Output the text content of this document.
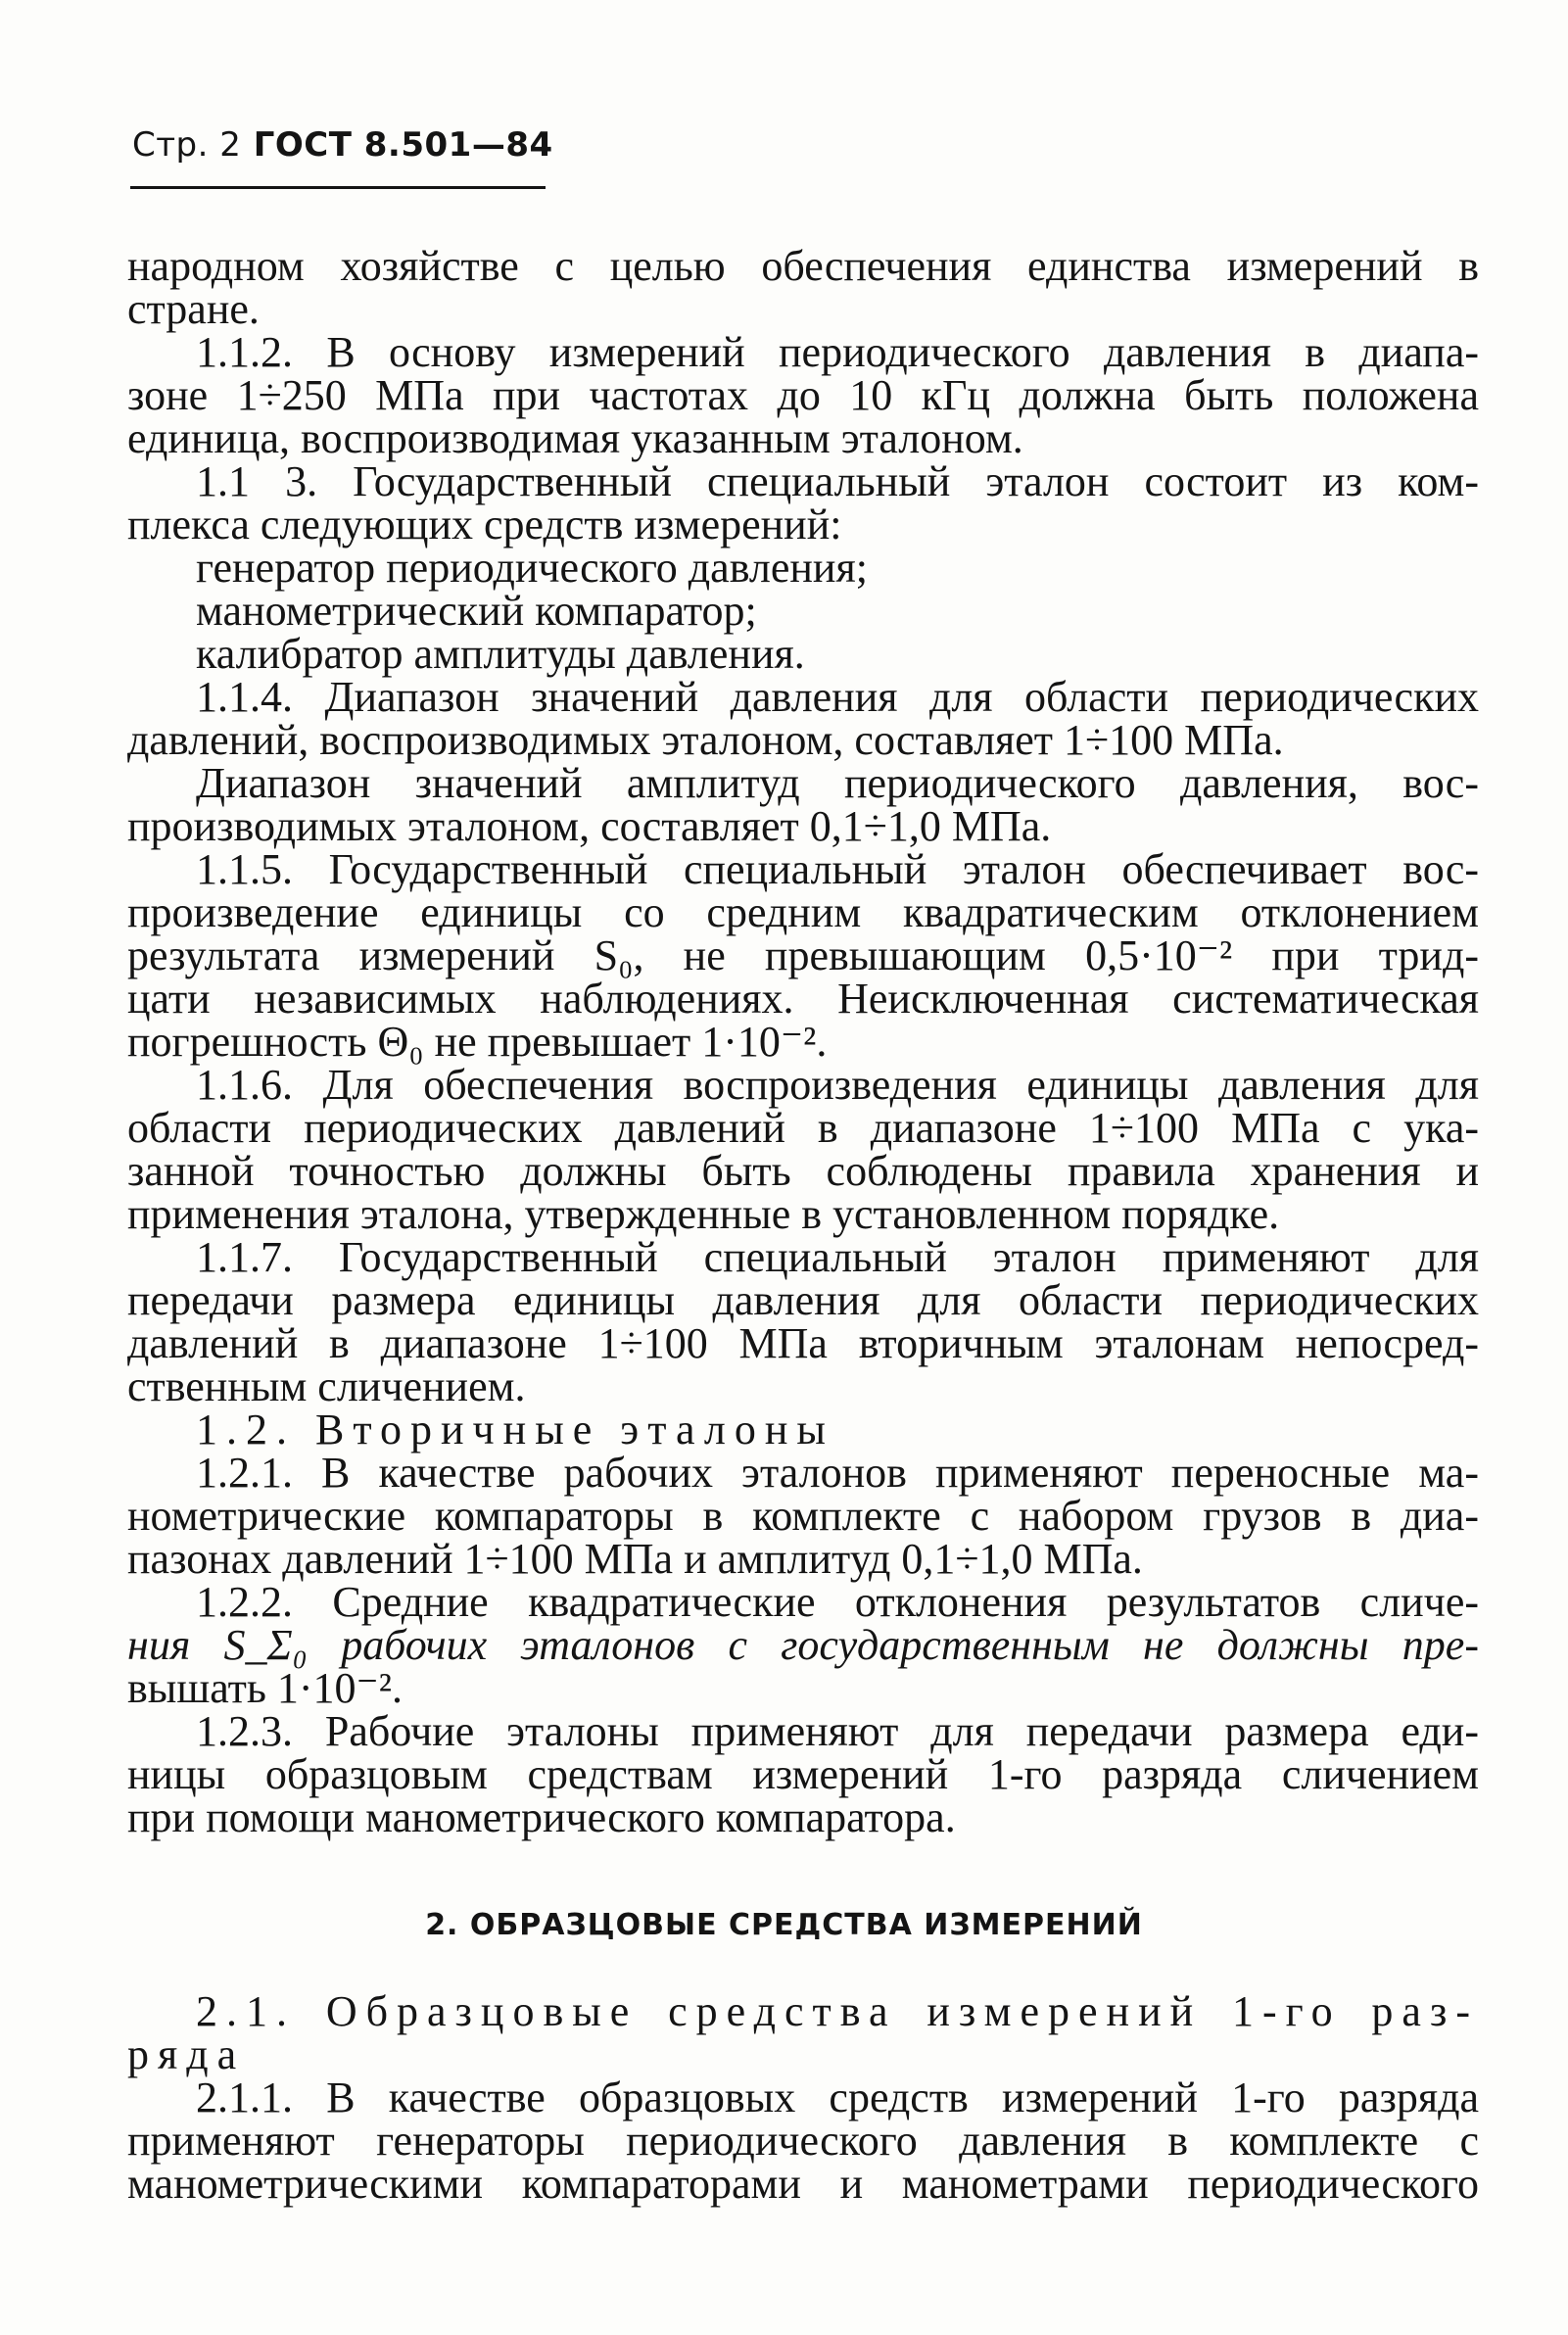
Стр. 2 ГОСТ 8.501—84
народном хозяйстве с целью обеспечения единства измерений в
стране.
1.1.2. В основу измерений периодического давления в диапа-
зоне 1÷250 МПа при частотах до 10 кГц должна быть положена
единица, воспроизводимая указанным эталоном.
1.1 3. Государственный специальный эталон состоит из ком-
плекса следующих средств измерений:
генератор периодического давления;
манометрический компаратор;
калибратор амплитуды давления.
1.1.4. Диапазон значений давления для области периодических
давлений, воспроизводимых эталоном, составляет 1÷100 МПа.
Диапазон значений амплитуд периодического давления, вос-
производимых эталоном, составляет 0,1÷1,0 МПа.
1.1.5. Государственный специальный эталон обеспечивает вос-
произведение единицы со средним квадратическим отклонением
результата измерений S₀, не превышающим 0,5·10⁻² при трид-
цати независимых наблюдениях. Неисключенная систематическая
погрешность Θ₀ не превышает 1·10⁻².
1.1.6. Для обеспечения воспроизведения единицы давления для
области периодических давлений в диапазоне 1÷100 МПа с ука-
занной точностью должны быть соблюдены правила хранения и
применения эталона, утвержденные в установленном порядке.
1.1.7. Государственный специальный эталон применяют для
передачи размера единицы давления для области периодических
давлений в диапазоне 1÷100 МПа вторичным эталонам непосред-
ственным сличением.
1.2. Вторичные эталоны
1.2.1. В качестве рабочих эталонов применяют переносные ма-
нометрические компараторы в комплекте с набором грузов в диа-
пазонах давлений 1÷100 МПа и амплитуд 0,1÷1,0 МПа.
1.2.2. Средние квадратические отклонения результатов сличе-
ния S_Σ₀ рабочих эталонов с государственным не должны пре-
вышать 1·10⁻².
1.2.3. Рабочие эталоны применяют для передачи размера еди-
ницы образцовым средствам измерений 1-го разряда сличением
при помощи манометрического компаратора.
2. ОБРАЗЦОВЫЕ СРЕДСТВА ИЗМЕРЕНИЙ
2.1. Образцовые средства измерений 1-го раз-
ряда
2.1.1. В качестве образцовых средств измерений 1-го разряда
применяют генераторы периодического давления в комплекте с
манометрическими компараторами и манометрами периодического
